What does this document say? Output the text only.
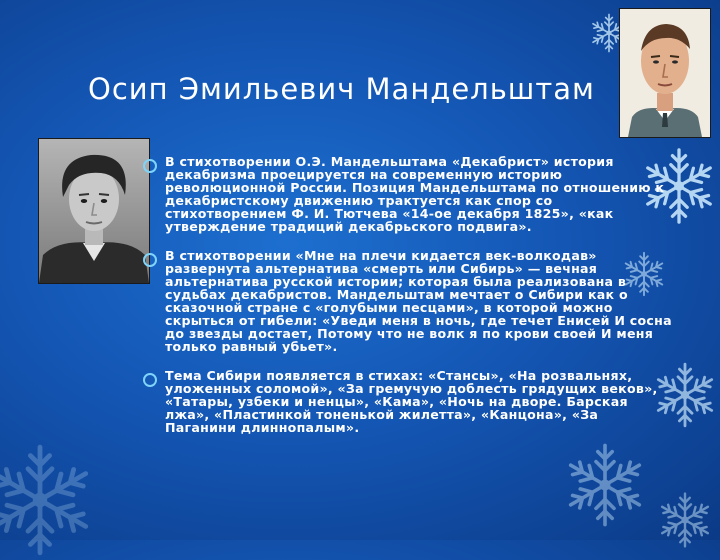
Осип Эмильевич Мандельштам
В стихотворении О.Э. Мандельштама «Декабрист» история декабризма проецируется на современную историю революционной России. Позиция Мандельштама по отношению к декабристскому движению трактуется как спор со стихотворением Ф. И. Тютчева «14-ое декабря 1825», «как утверждение традиций декабрьского подвига».
В стихотворении «Мне на плечи кидается век-волкодав» развернута альтернатива «смерть или Сибирь» — вечная альтернатива русской истории; которая была реализована в судьбах декабристов. Мандельштам мечтает о Сибири как о сказочной стране с «голубыми песцами», в которой можно скрыться от гибели: «Уведи меня в ночь, где течет Енисей И сосна до звезды достает, Потому что не волк я по крови своей И меня только равный убьет».
Тема Сибири появляется в стихах: «Стансы», «На розвальнях, уложенных соломой», «За гремучую доблесть грядущих веков», «Татары, узбеки и ненцы», «Кама», «Ночь на дворе. Барская лжа», «Пластинкой тоненькой жилетта», «Канцона», «За Паганини длиннопалым».
